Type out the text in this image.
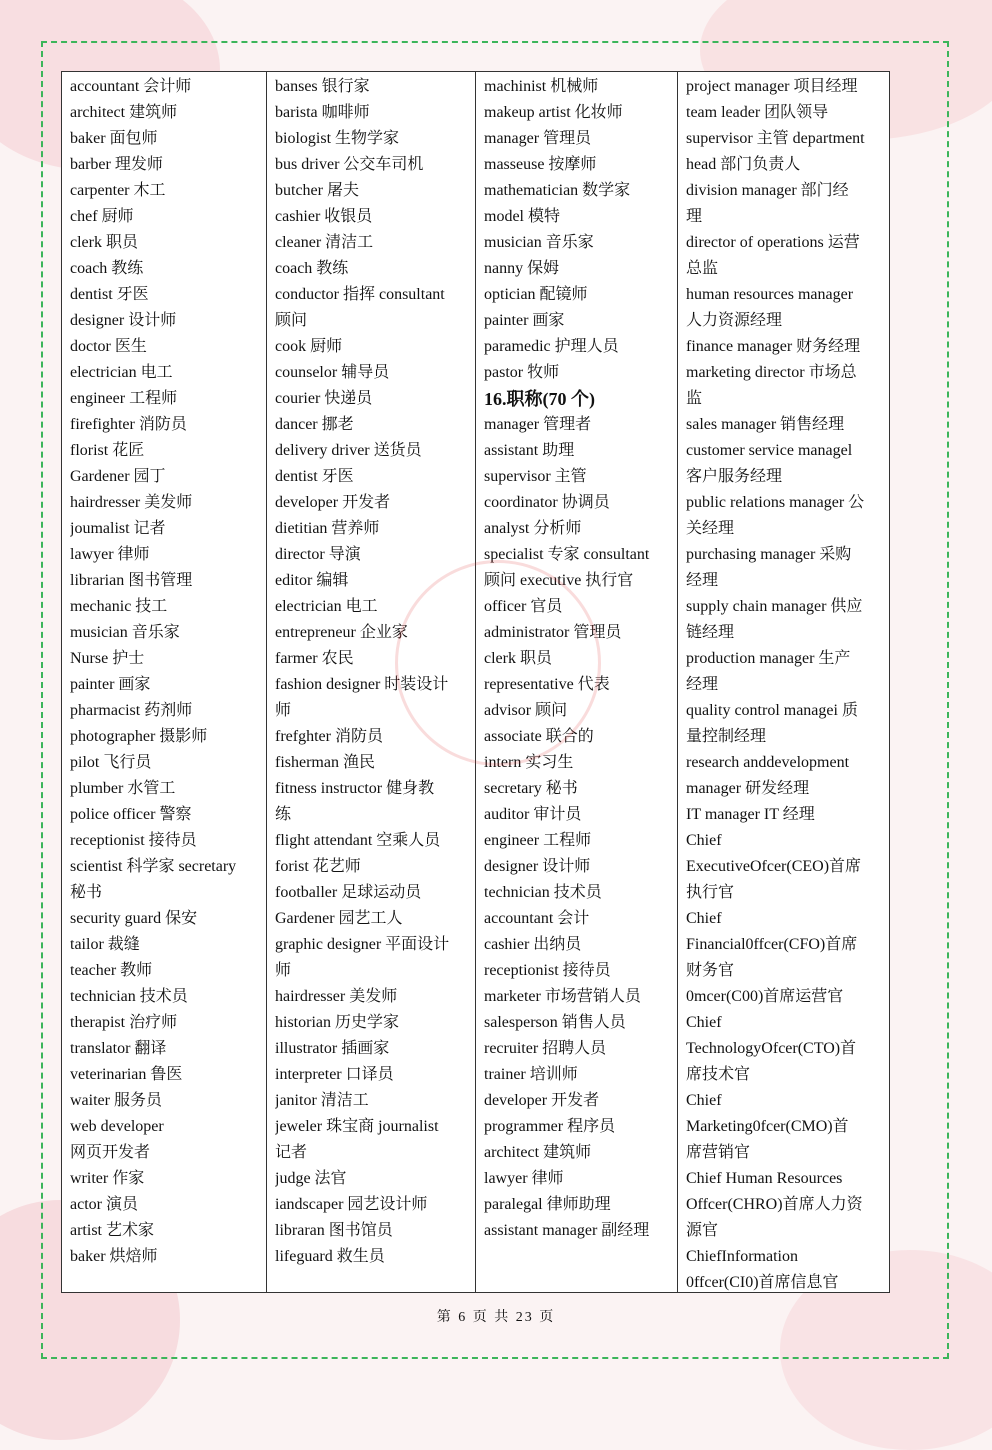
accountant 会计师
architect 建筑师
baker 面包师
barber 理发师
carpenter 木工
chef 厨师
clerk 职员
coach 教练
dentist 牙医
designer 设计师
doctor 医生
electrician 电工
engineer 工程师
firefighter 消防员
florist 花匠
Gardener 园丁
hairdresser 美发师
joumalist 记者
lawyer 律师
librarian 图书管理
mechanic 技工
musician 音乐家
Nurse 护士
painter 画家
pharmacist 药剂师
photographer 摄影师
pilot 飞行员
plumber 水管工
police officer 警察
receptionist 接待员
scientist 科学家 secretary
秘书
security guard 保安
tailor 裁缝
teacher 教师
technician 技术员
therapist 治疗师
translator 翻译
veterinarian 鲁医
waiter 服务员
web developer
网页开发者
writer 作家
actor 演员
artist 艺术家
baker 烘焙师
banses 银行家
barista 咖啡师
biologist 生物学家
bus driver 公交车司机
butcher 屠夫
cashier 收银员
cleaner 清洁工
coach 教练
conductor 指挥 consultant
顾问
cook 厨师
counselor 辅导员
courier 快递员
dancer 挪老
delivery driver 送货员
dentist 牙医
developer 开发者
dietitian 营养师
director 导演
editor 编辑
electrician 电工
entrepreneur 企业家
farmer 农民
fashion designer 时装设计
师
frefghter 消防员
fisherman 渔民
fitness instructor 健身教
练
flight attendant 空乘人员
forist 花艺师
footballer 足球运动员
Gardener 园艺工人
graphic designer 平面设计
师
hairdresser 美发师
historian 历史学家
illustrator 插画家
interpreter 口译员
janitor 清洁工
jeweler 珠宝商 journalist
记者
judge 法官
iandscaper 园艺设计师
libraran 图书馆员
lifeguard 救生员
machinist 机械师
makeup artist 化妆师
manager 管理员
masseuse 按摩师
mathematician 数学家
model 模特
musician 音乐家
nanny 保姆
optician 配镜师
painter 画家
paramedic 护理人员
pastor 牧师
16.职称(70 个)
manager 管理者
assistant 助理
supervisor 主管
coordinator 协调员
analyst 分析师
specialist 专家 consultant
顾问 executive 执行官
officer 官员
administrator 管理员
clerk 职员
representative 代表
advisor 顾问
associate 联合的
intern 实习生
secretary 秘书
auditor 审计员
engineer 工程师
designer 设计师
technician 技术员
accountant 会计
cashier 出纳员
receptionist 接待员
marketer 市场营销人员
salesperson 销售人员
recruiter 招聘人员
trainer 培训师
developer 开发者
programmer 程序员
architect 建筑师
lawyer 律师
paralegal 律师助理
assistant manager 副经理
project manager 项目经理
team leader 团队领导
supervisor 主管 department
head 部门负责人
division manager 部门经
理
director of operations 运营
总监
human resources manager
人力资源经理
finance manager 财务经理
marketing director 市场总
监
sales manager 销售经理
customer service managel
客户服务经理
public relations manager 公
关经理
purchasing manager 采购
经理
supply chain manager 供应
链经理
production manager 生产
经理
quality control managei 质
量控制经理
research anddevelopment
manager 研发经理
IT manager IT 经理
Chief
ExecutiveOfcer(CEO)首席
执行官
Chief
Financial0ffcer(CFO)首席
财务官
0mcer(C00)首席运营官
Chief
TechnologyOfcer(CTO)首
席技术官
Chief
Marketing0fcer(CMO)首
席营销官
Chief Human Resources
Offcer(CHRO)首席人力资
源官
ChiefInformation
0ffcer(CI0)首席信息官
第 6 页 共 23 页
